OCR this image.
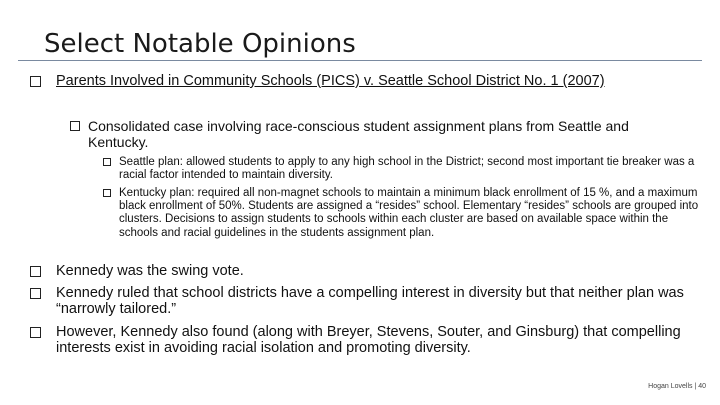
Select Notable Opinions
Parents Involved in Community Schools (PICS) v. Seattle School District No. 1 (2007)
Consolidated case involving race-conscious student assignment plans from Seattle and Kentucky.
Seattle plan: allowed students to apply to any high school in the District; second most important tie breaker was a racial factor intended to maintain diversity.
Kentucky plan: required all non-magnet schools to maintain a minimum black enrollment of 15 %, and a maximum black enrollment of 50%. Students are assigned a “resides” school. Elementary “resides” schools are grouped into clusters. Decisions to assign students to schools within each cluster are based on available space within the schools and racial guidelines in the students assignment plan.
Kennedy was the swing vote.
Kennedy ruled that school districts have a compelling interest in diversity but that neither plan was “narrowly tailored.”
However, Kennedy also found (along with Breyer, Stevens, Souter, and Ginsburg) that compelling interests exist in avoiding racial isolation and promoting diversity.
Hogan Lovells | 40
